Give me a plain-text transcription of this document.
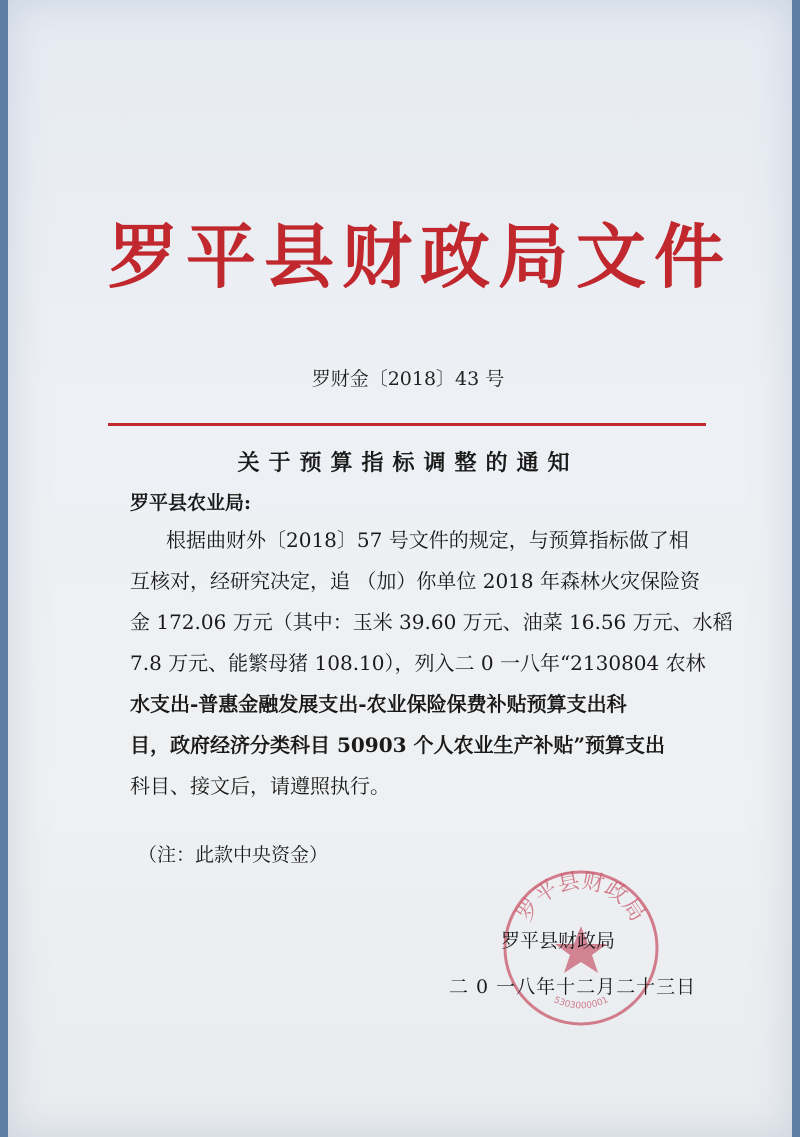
罗平县财政局文件
罗财金〔2018〕43 号
关于预算指标调整的通知
罗平县农业局:
根据曲财外〔2018〕57 号文件的规定，与预算指标做了相
互核对，经研究决定，追 （加）你单位 2018 年森林火灾保险资
金 172.06 万元（其中：玉米 39.60 万元、油菜 16.56 万元、水稻
7.8 万元、能繁母猪 108.10），列入二 0 一八年“2130804 农林
水支出-普惠金融发展支出-农业保险保费补贴预算支出科
目，政府经济分类科目 50903 个人农业生产补贴”预算支出
科目、接文后，请遵照执行。
（注：此款中央资金）
罗平县财政局
5303000001
罗平县财政局
二 0 一八年十二月二十三日
